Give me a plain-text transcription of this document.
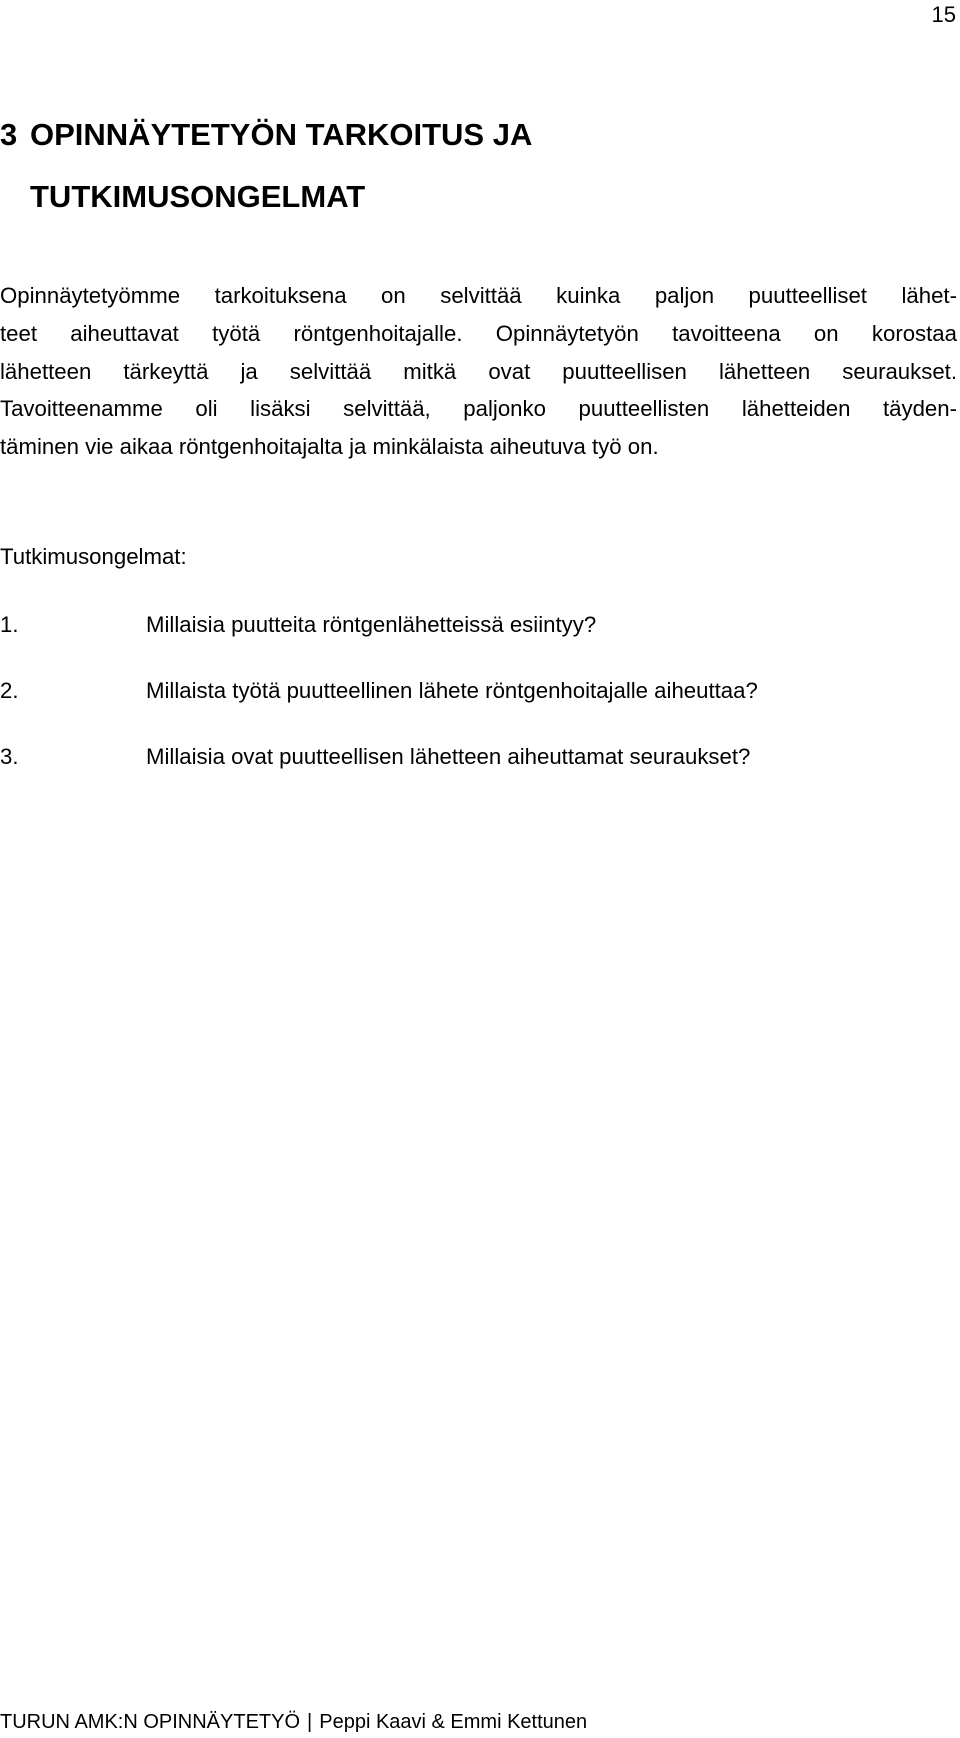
15
3 OPINNÄYTETYÖN TARKOITUS JA
TUTKIMUSONGELMAT
Opinnäytetyömme tarkoituksena on selvittää kuinka paljon puutteelliset lähet-
teet aiheuttavat työtä röntgenhoitajalle. Opinnäytetyön tavoitteena on korostaa
lähetteen tärkeyttä ja selvittää mitkä ovat puutteellisen lähetteen seuraukset.
Tavoitteenamme oli lisäksi selvittää, paljonko puutteellisten lähetteiden täyden-
täminen vie aikaa röntgenhoitajalta ja minkälaista aiheutuva työ on.
Tutkimusongelmat:
1.	Millaisia puutteita röntgenlähetteissä esiintyy?
2.	Millaista työtä puutteellinen lähete röntgenhoitajalle aiheuttaa?
3.	Millaisia ovat puutteellisen lähetteen aiheuttamat seuraukset?
TURUN AMK:N OPINNÄYTETYÖ | Peppi Kaavi & Emmi Kettunen
